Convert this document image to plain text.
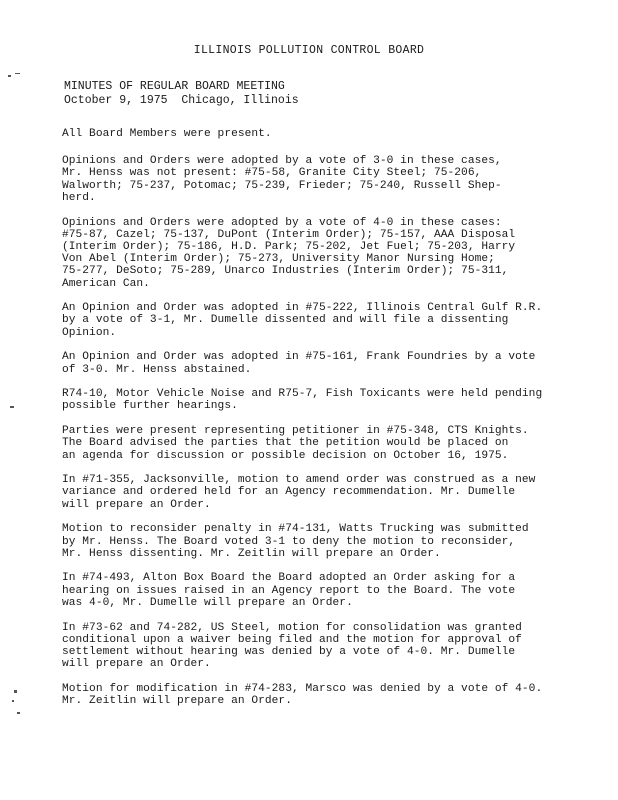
ILLINOIS POLLUTION CONTROL BOARD
MINUTES OF REGULAR BOARD MEETING
October 9, 1975  Chicago, Illinois

All Board Members were present.

Opinions and Orders were adopted by a vote of 3-0 in these cases,
Mr. Henss was not present: #75-58, Granite City Steel; 75-206,
Walworth; 75-237, Potomac; 75-239, Frieder; 75-240, Russell Shep-
herd.

Opinions and Orders were adopted by a vote of 4-0 in these cases:
#75-87, Cazel; 75-137, DuPont (Interim Order); 75-157, AAA Disposal
(Interim Order); 75-186, H.D. Park; 75-202, Jet Fuel; 75-203, Harry
Von Abel (Interim Order); 75-273, University Manor Nursing Home;
75-277, DeSoto; 75-289, Unarco Industries (Interim Order); 75-311,
American Can.

An Opinion and Order was adopted in #75-222, Illinois Central Gulf R.R.
by a vote of 3-1, Mr. Dumelle dissented and will file a dissenting
Opinion.

An Opinion and Order was adopted in #75-161, Frank Foundries by a vote
of 3-0. Mr. Henss abstained.

R74-10, Motor Vehicle Noise and R75-7, Fish Toxicants were held pending
possible further hearings.

Parties were present representing petitioner in #75-348, CTS Knights.
The Board advised the parties that the petition would be placed on
an agenda for discussion or possible decision on October 16, 1975.

In #71-355, Jacksonville, motion to amend order was construed as a new
variance and ordered held for an Agency recommendation. Mr. Dumelle
will prepare an Order.

Motion to reconsider penalty in #74-131, Watts Trucking was submitted
by Mr. Henss. The Board voted 3-1 to deny the motion to reconsider,
Mr. Henss dissenting. Mr. Zeitlin will prepare an Order.

In #74-493, Alton Box Board the Board adopted an Order asking for a
hearing on issues raised in an Agency report to the Board. The vote
was 4-0, Mr. Dumelle will prepare an Order.

In #73-62 and 74-282, US Steel, motion for consolidation was granted
conditional upon a waiver being filed and the motion for approval of
settlement without hearing was denied by a vote of 4-0. Mr. Dumelle
will prepare an Order.

Motion for modification in #74-283, Marsco was denied by a vote of 4-0.
Mr. Zeitlin will prepare an Order.
